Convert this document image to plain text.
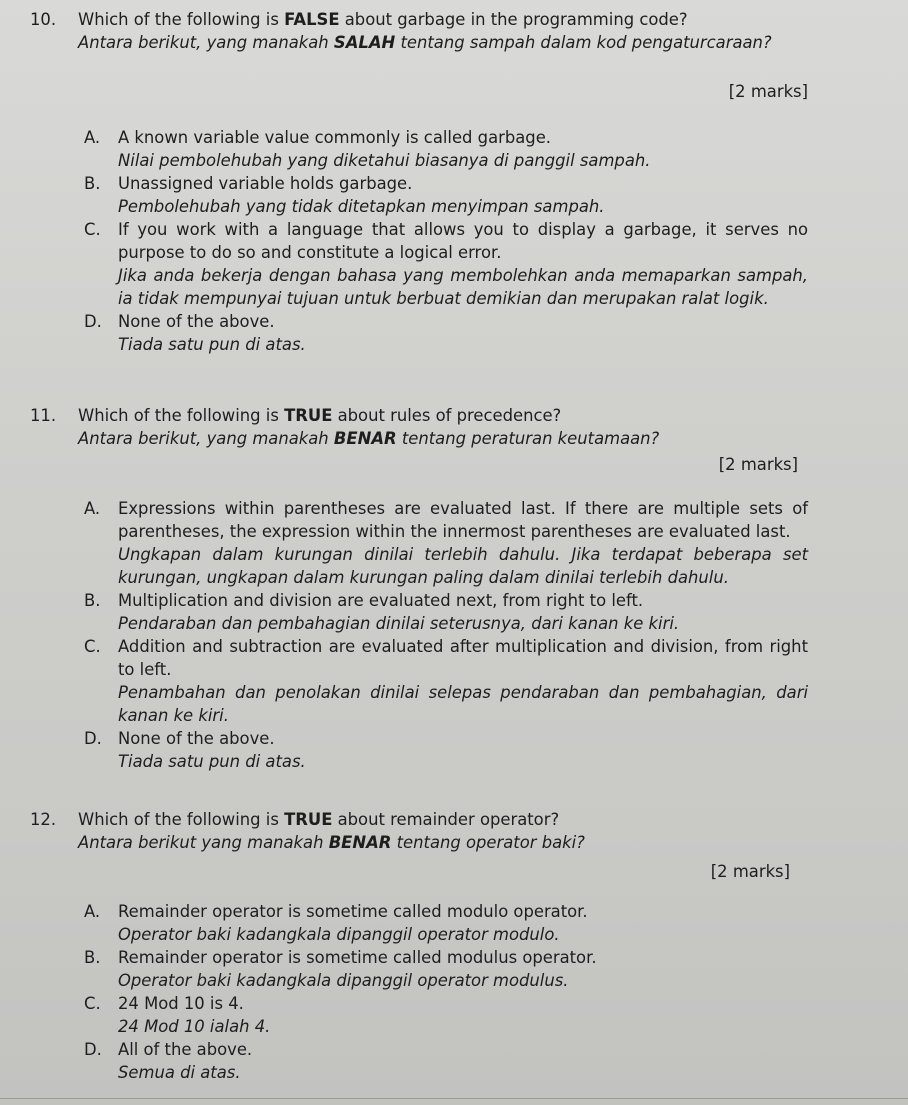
10. Which of the following is FALSE about garbage in the programming code?
Antara berikut, yang manakah SALAH tentang sampah dalam kod pengaturcaraan?
[2 marks]
A. A known variable value commonly is called garbage.
Nilai pembolehubah yang diketahui biasanya di panggil sampah.
B. Unassigned variable holds garbage.
Pembolehubah yang tidak ditetapkan menyimpan sampah.
C. If you work with a language that allows you to display a garbage, it serves no purpose to do so and constitute a logical error.
Jika anda bekerja dengan bahasa yang membolehkan anda memaparkan sampah, ia tidak mempunyai tujuan untuk berbuat demikian dan merupakan ralat logik.
D. None of the above.
Tiada satu pun di atas.
11. Which of the following is TRUE about rules of precedence?
Antara berikut, yang manakah BENAR tentang peraturan keutamaan?
[2 marks]
A. Expressions within parentheses are evaluated last. If there are multiple sets of parentheses, the expression within the innermost parentheses are evaluated last.
Ungkapan dalam kurungan dinilai terlebih dahulu. Jika terdapat beberapa set kurungan, ungkapan dalam kurungan paling dalam dinilai terlebih dahulu.
B. Multiplication and division are evaluated next, from right to left.
Pendaraban dan pembahagian dinilai seterusnya, dari kanan ke kiri.
C. Addition and subtraction are evaluated after multiplication and division, from right to left.
Penambahan dan penolakan dinilai selepas pendaraban dan pembahagian, dari kanan ke kiri.
D. None of the above.
Tiada satu pun di atas.
12. Which of the following is TRUE about remainder operator?
Antara berikut yang manakah BENAR tentang operator baki?
[2 marks]
A. Remainder operator is sometime called modulo operator.
Operator baki kadangkala dipanggil operator modulo.
B. Remainder operator is sometime called modulus operator.
Operator baki kadangkala dipanggil operator modulus.
C. 24 Mod 10 is 4.
24 Mod 10 ialah 4.
D. All of the above.
Semua di atas.
